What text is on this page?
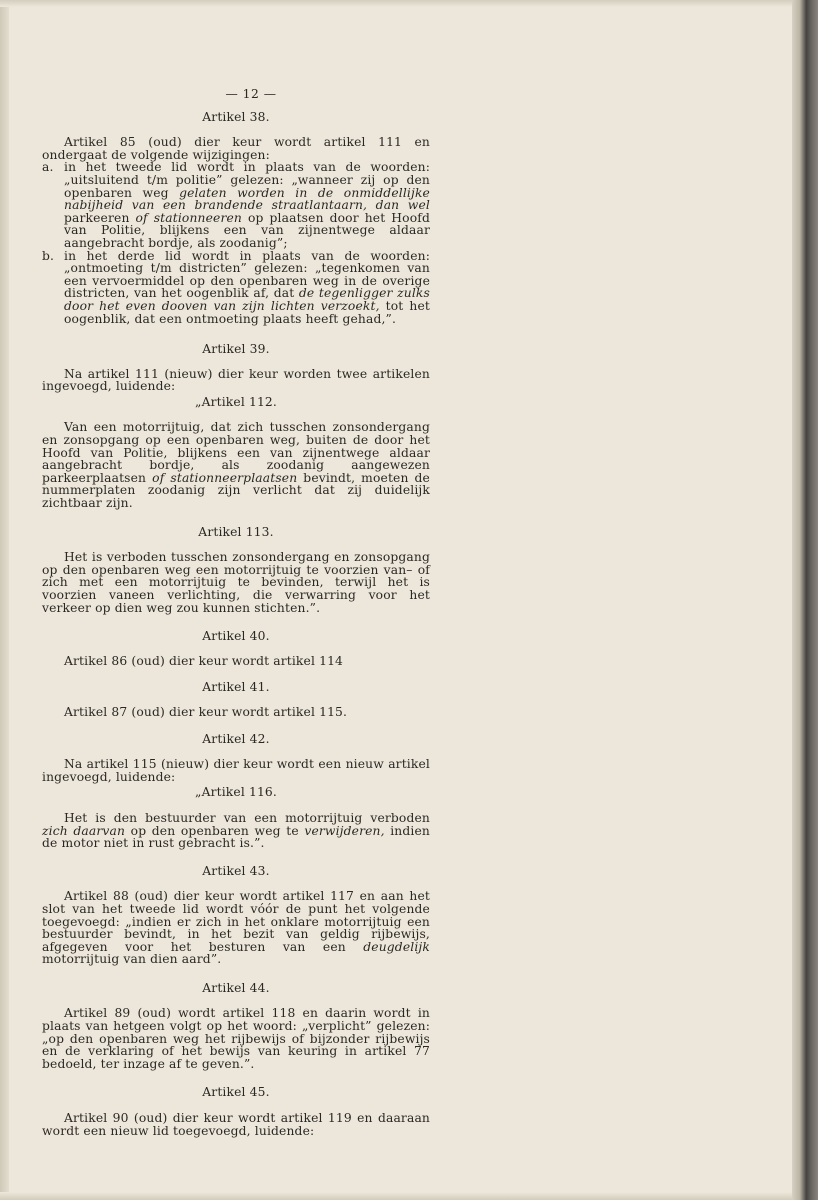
— 12 —
Artikel 38.

Artikel 85 (oud) dier keur wordt artikel 111 en ondergaat de volgende wijzigingen:

a. in het tweede lid wordt in plaats van de woorden: „uitsluitend t/m politie” gelezen: „wanneer zij op den openbaren weg gelaten worden in de onmiddellijke nabijheid van een brandende straatlantaarn, dan wel parkeeren of stationneeren op plaatsen door het Hoofd van Politie, blijkens een van zijnentwege aldaar aangebracht bordje, als zoodanig”;
b. in het derde lid wordt in plaats van de woorden: „ontmoeting t/m districten” gelezen: „tegenkomen van een vervoermiddel op den openbaren weg in de overige districten, van het oogenblik af, dat de tegenligger zulks door het even dooven van zijn lichten verzoekt, tot het oogenblik, dat een ontmoeting plaats heeft gehad,”.
Artikel 39.

Na artikel 111 (nieuw) dier keur worden twee artikelen ingevoegd, luidende:

„Artikel 112.

Van een motorrijtuig, dat zich tusschen zonsondergang en zonsopgang op een openbaren weg, buiten de door het Hoofd van Politie, blijkens een van zijnentwege aldaar aangebracht bordje, als zoodanig aangewezen parkeerplaatsen of stationneerplaatsen bevindt, moeten de nummerplaten zoodanig zijn verlicht dat zij duidelijk zichtbaar zijn.

Artikel 113.

Het is verboden tusschen zonsondergang en zonsopgang op den openbaren weg een motorrijtuig te voorzien van– of zich met een motorrijtuig te bevinden, terwijl het is voorzien vaneen verlichting, die verwarring voor het verkeer op dien weg zou kunnen stichten.”.

Artikel 40.

Artikel 86 (oud) dier keur wordt artikel 114

Artikel 41.

Artikel 87 (oud) dier keur wordt artikel 115.

Artikel 42.

Na artikel 115 (nieuw) dier keur wordt een nieuw artikel ingevoegd, luidende:

„Artikel 116.

Het is den bestuurder van een motorrijtuig verboden zich daarvan op den openbaren weg te verwijderen, indien de motor niet in rust gebracht is.”.

Artikel 43.

Artikel 88 (oud) dier keur wordt artikel 117 en aan het slot van het tweede lid wordt vóór de punt het volgende toegevoegd: „indien er zich in het onklare motorrijtuig een bestuurder bevindt, in het bezit van geldig rijbewijs, afgegeven voor het besturen van een deugdelijk motorrijtuig van dien aard”.

Artikel 44.

Artikel 89 (oud) wordt artikel 118 en daarin wordt in plaats van hetgeen volgt op het woord: „verplicht” gelezen: „op den openbaren weg het rijbewijs of bijzonder rijbewijs en de verklaring of het bewijs van keuring in artikel 77 bedoeld, ter inzage af te geven.”.

Artikel 45.

Artikel 90 (oud) dier keur wordt artikel 119 en daaraan wordt een nieuw lid toegevoegd, luidende:
